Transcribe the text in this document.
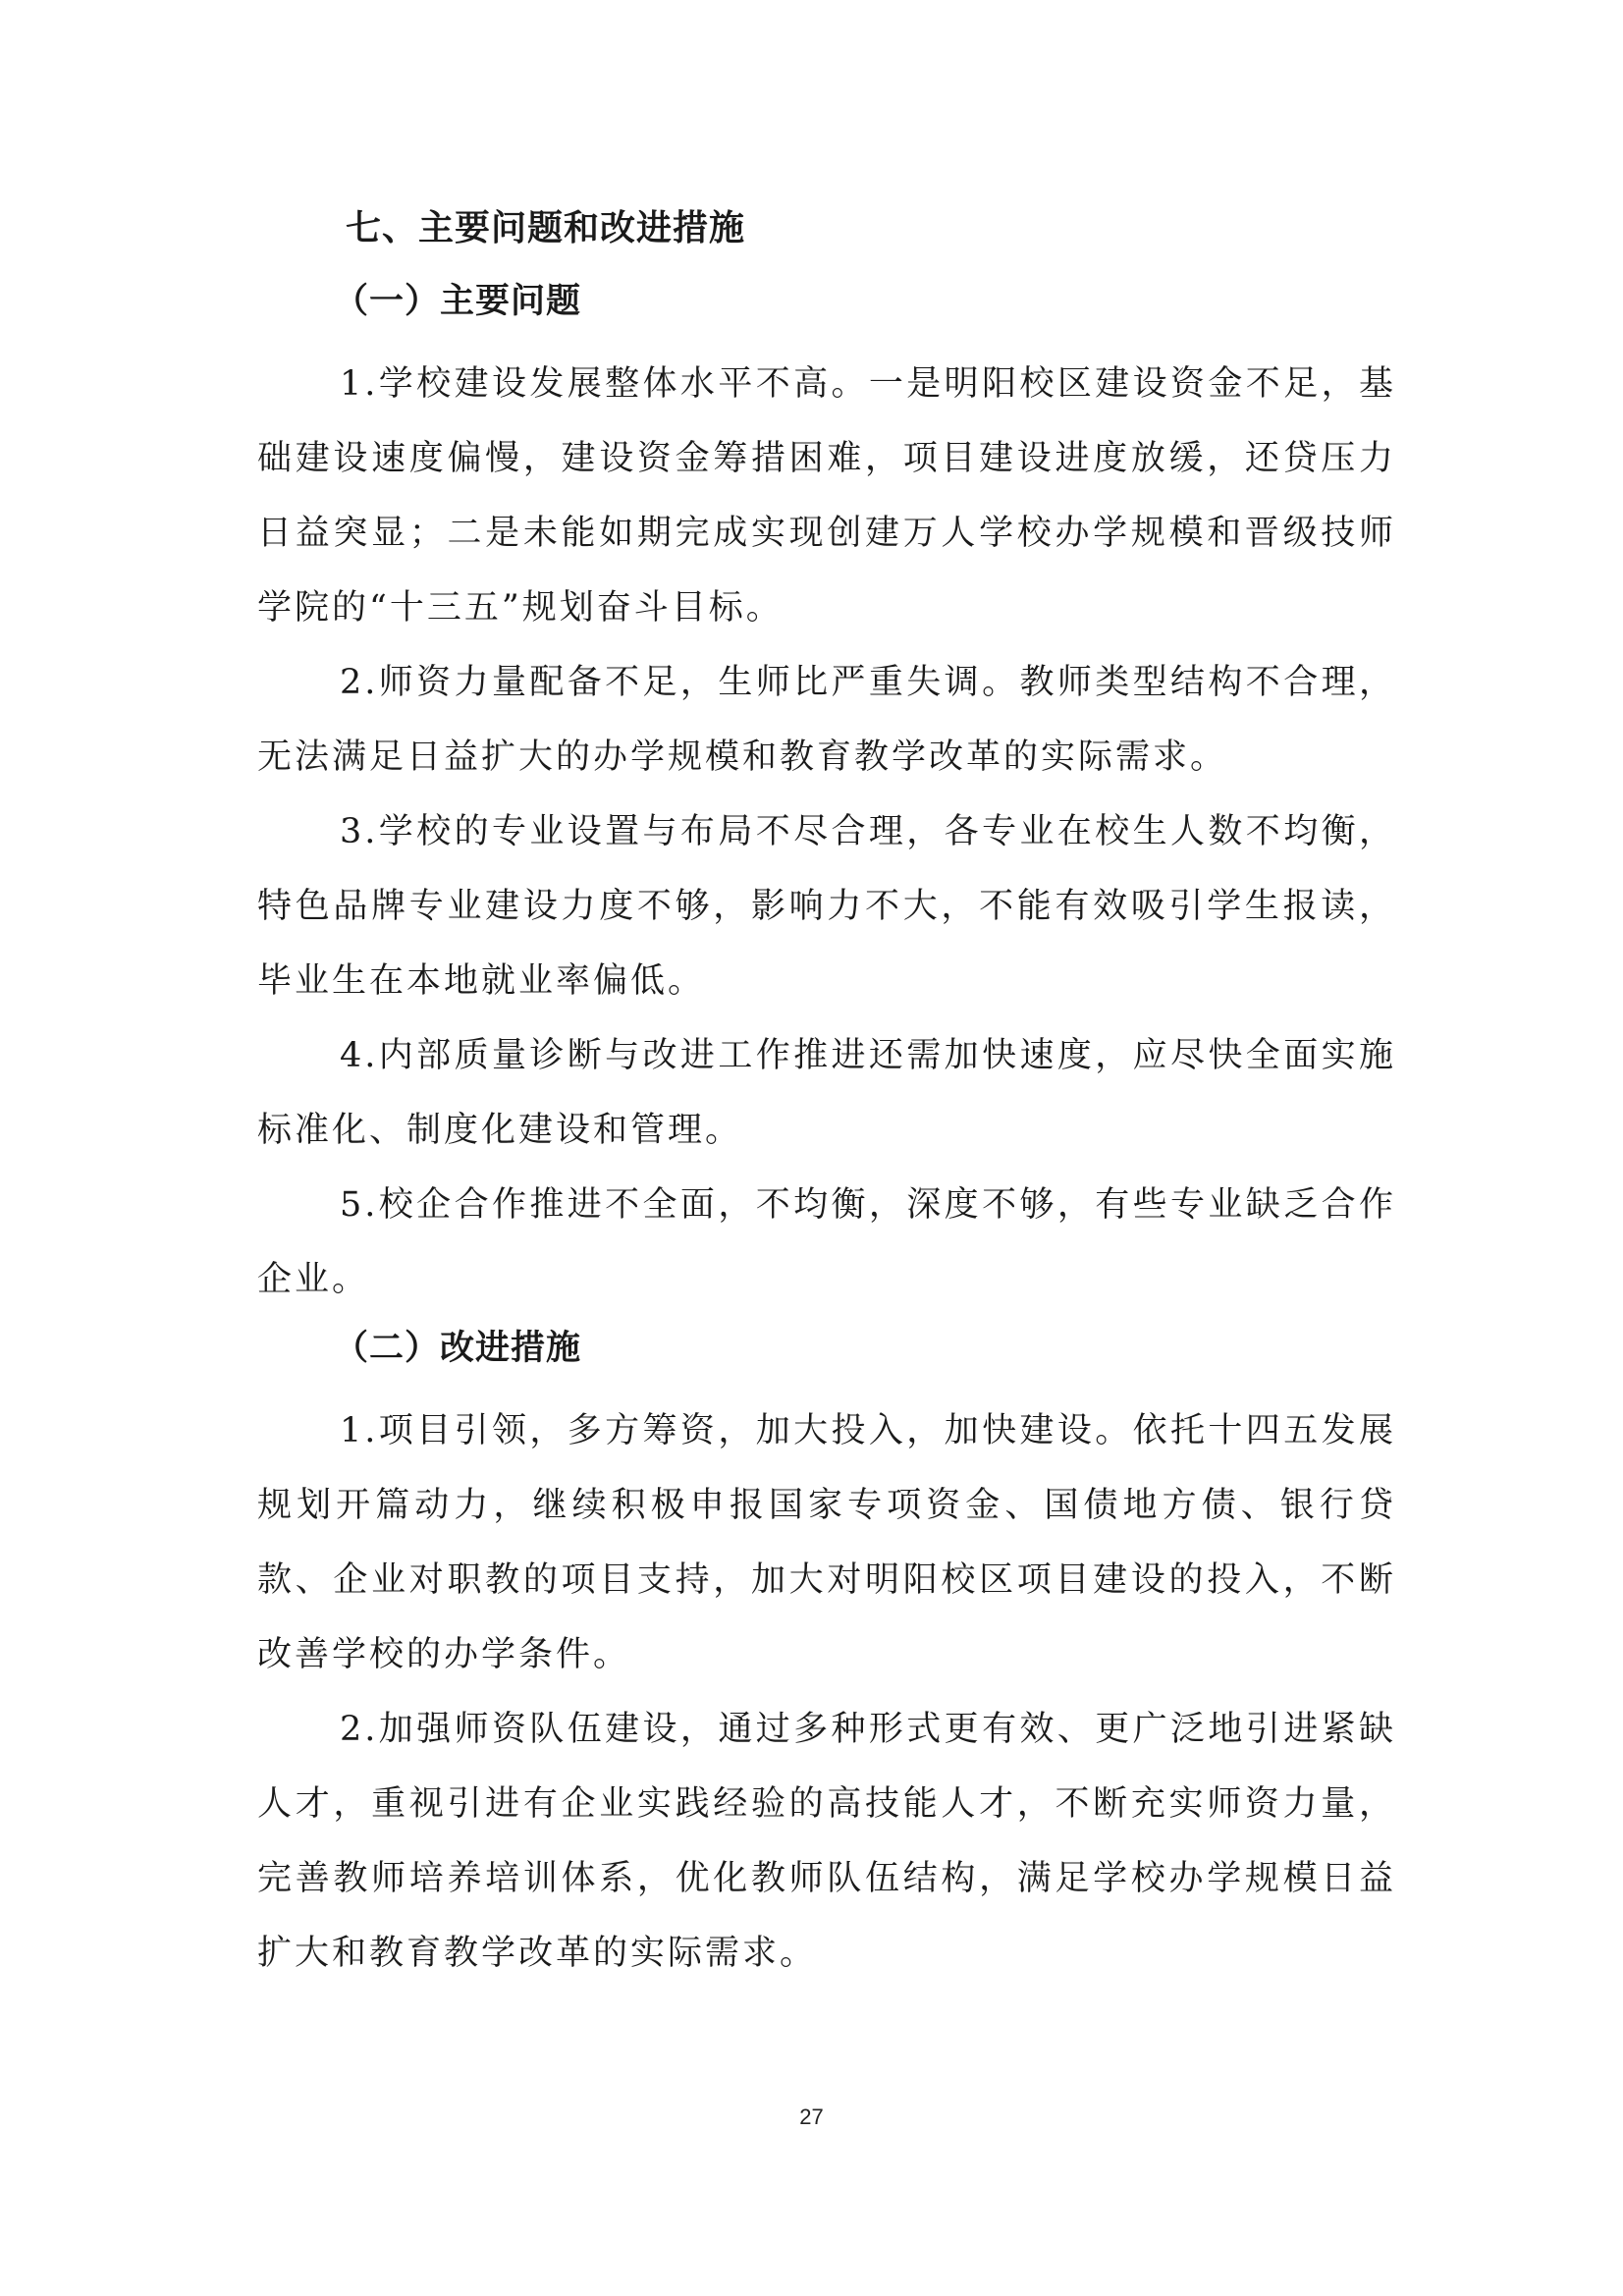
七、主要问题和改进措施
（一）主要问题

1.学校建设发展整体水平不高。一是明阳校区建设资金不足，基础建设速度偏慢，建设资金筹措困难，项目建设进度放缓，还贷压力日益突显；二是未能如期完成实现创建万人学校办学规模和晋级技师学院的“十三五”规划奋斗目标。

2.师资力量配备不足，生师比严重失调。教师类型结构不合理，无法满足日益扩大的办学规模和教育教学改革的实际需求。

3.学校的专业设置与布局不尽合理，各专业在校生人数不均衡，特色品牌专业建设力度不够，影响力不大，不能有效吸引学生报读，毕业生在本地就业率偏低。

4.内部质量诊断与改进工作推进还需加快速度，应尽快全面实施标准化、制度化建设和管理。

5.校企合作推进不全面，不均衡，深度不够，有些专业缺乏合作企业。

（二）改进措施

1.项目引领，多方筹资，加大投入，加快建设。依托十四五发展规划开篇动力，继续积极申报国家专项资金、国债地方债、银行贷款、企业对职教的项目支持，加大对明阳校区项目建设的投入，不断改善学校的办学条件。

2.加强师资队伍建设，通过多种形式更有效、更广泛地引进紧缺人才，重视引进有企业实践经验的高技能人才，不断充实师资力量，完善教师培养培训体系，优化教师队伍结构，满足学校办学规模日益扩大和教育教学改革的实际需求。

27
